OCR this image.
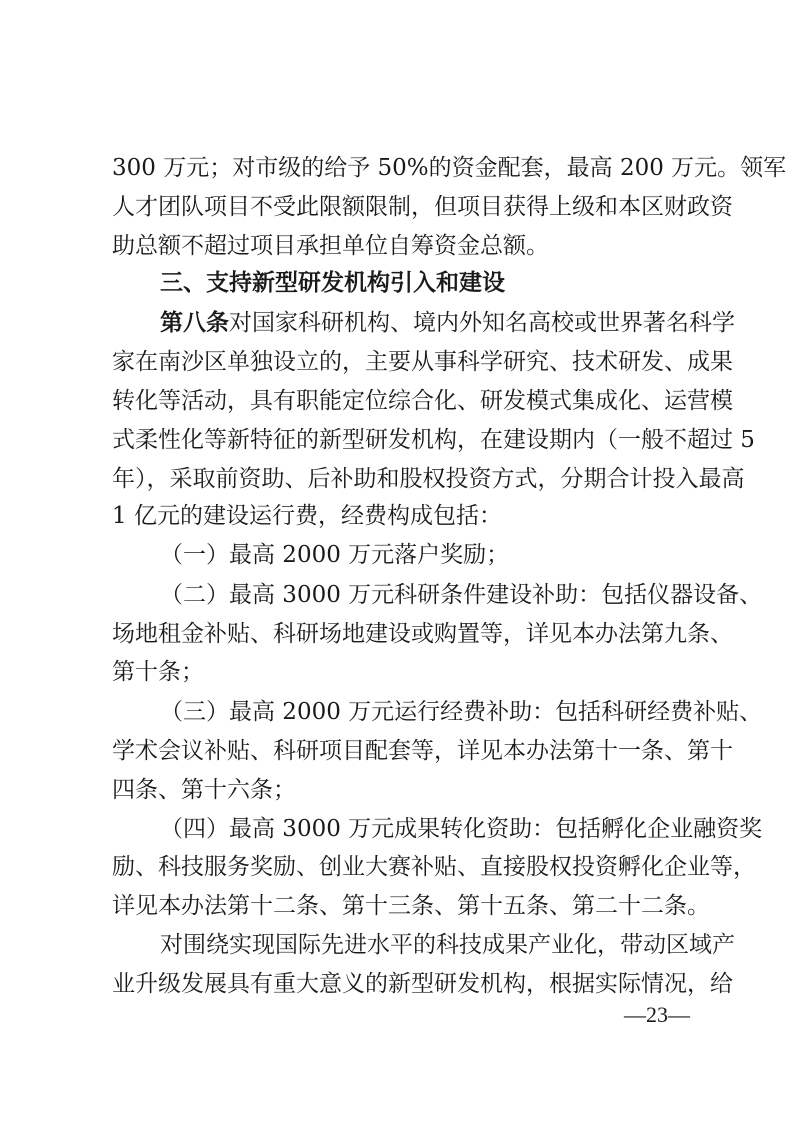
300 万元；对市级的给予 50%的资金配套，最高 200 万元。领军
人才团队项目不受此限额限制，但项目获得上级和本区财政资
助总额不超过项目承担单位自筹资金总额。
三、支持新型研发机构引入和建设
第八条对国家科研机构、境内外知名高校或世界著名科学
家在南沙区单独设立的，主要从事科学研究、技术研发、成果
转化等活动，具有职能定位综合化、研发模式集成化、运营模
式柔性化等新特征的新型研发机构，在建设期内（一般不超过 5
年），采取前资助、后补助和股权投资方式，分期合计投入最高
1 亿元的建设运行费，经费构成包括：
（一）最高 2000 万元落户奖励；
（二）最高 3000 万元科研条件建设补助：包括仪器设备、
场地租金补贴、科研场地建设或购置等，详见本办法第九条、
第十条；
（三）最高 2000 万元运行经费补助：包括科研经费补贴、
学术会议补贴、科研项目配套等，详见本办法第十一条、第十
四条、第十六条；
（四）最高 3000 万元成果转化资助：包括孵化企业融资奖
励、科技服务奖励、创业大赛补贴、直接股权投资孵化企业等，
详见本办法第十二条、第十三条、第十五条、第二十二条。
对围绕实现国际先进水平的科技成果产业化，带动区域产
业升级发展具有重大意义的新型研发机构，根据实际情况，给
—23—
